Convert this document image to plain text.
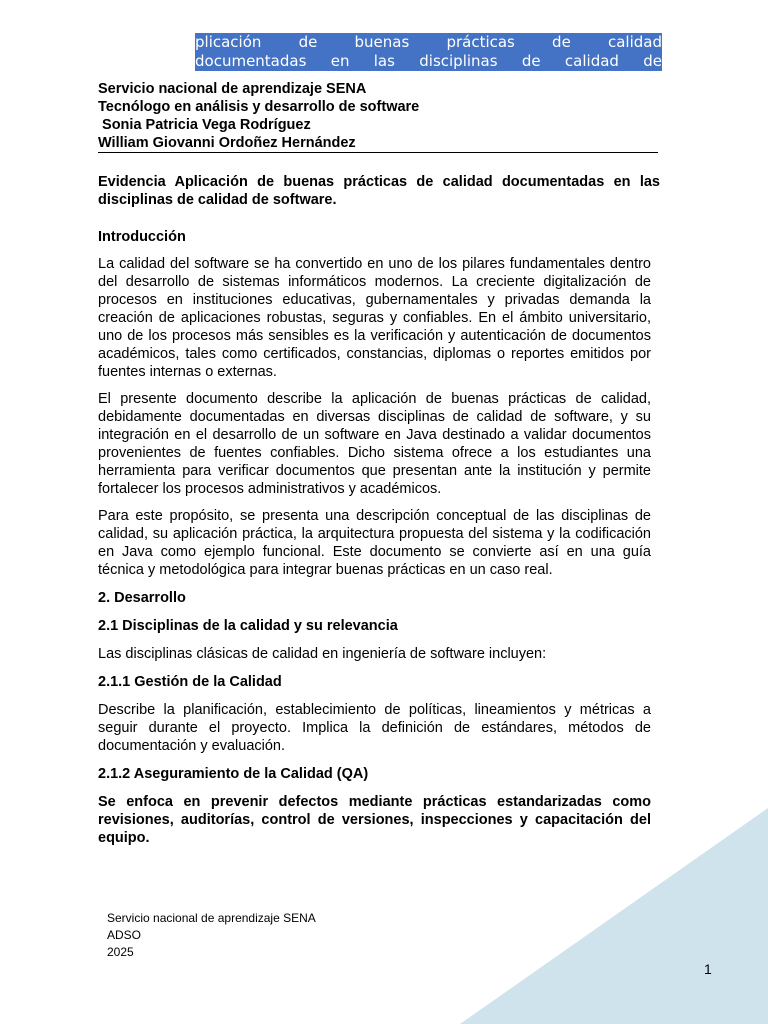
plicación de buenas prácticas de calidad
documentadas en las disciplinas de calidad de
Servicio nacional de aprendizaje SENA
Tecnólogo en análisis y desarrollo de software
Sonia Patricia Vega Rodríguez
William Giovanni Ordoñez Hernández

Evidencia Aplicación de buenas prácticas de calidad documentadas en las disciplinas de calidad de software.

Introducción

La calidad del software se ha convertido en uno de los pilares fundamentales dentro del desarrollo de sistemas informáticos modernos. La creciente digitalización de procesos en instituciones educativas, gubernamentales y privadas demanda la creación de aplicaciones robustas, seguras y confiables. En el ámbito universitario, uno de los procesos más sensibles es la verificación y autenticación de documentos académicos, tales como certificados, constancias, diplomas o reportes emitidos por fuentes internas o externas.

El presente documento describe la aplicación de buenas prácticas de calidad, debidamente documentadas en diversas disciplinas de calidad de software, y su integración en el desarrollo de un software en Java destinado a validar documentos provenientes de fuentes confiables. Dicho sistema ofrece a los estudiantes una herramienta para verificar documentos que presentan ante la institución y permite fortalecer los procesos administrativos y académicos.

Para este propósito, se presenta una descripción conceptual de las disciplinas de calidad, su aplicación práctica, la arquitectura propuesta del sistema y la codificación en Java como ejemplo funcional. Este documento se convierte así en una guía técnica y metodológica para integrar buenas prácticas en un caso real.

2. Desarrollo
2.1 Disciplinas de la calidad y su relevancia

Las disciplinas clásicas de calidad en ingeniería de software incluyen:

2.1.1 Gestión de la Calidad

Describe la planificación, establecimiento de políticas, lineamientos y métricas a seguir durante el proyecto. Implica la definición de estándares, métodos de documentación y evaluación.

2.1.2 Aseguramiento de la Calidad (QA)

Se enfoca en prevenir defectos mediante prácticas estandarizadas como revisiones, auditorías, control de versiones, inspecciones y capacitación del equipo.

Servicio nacional de aprendizaje SENA
ADSO
2025
1
